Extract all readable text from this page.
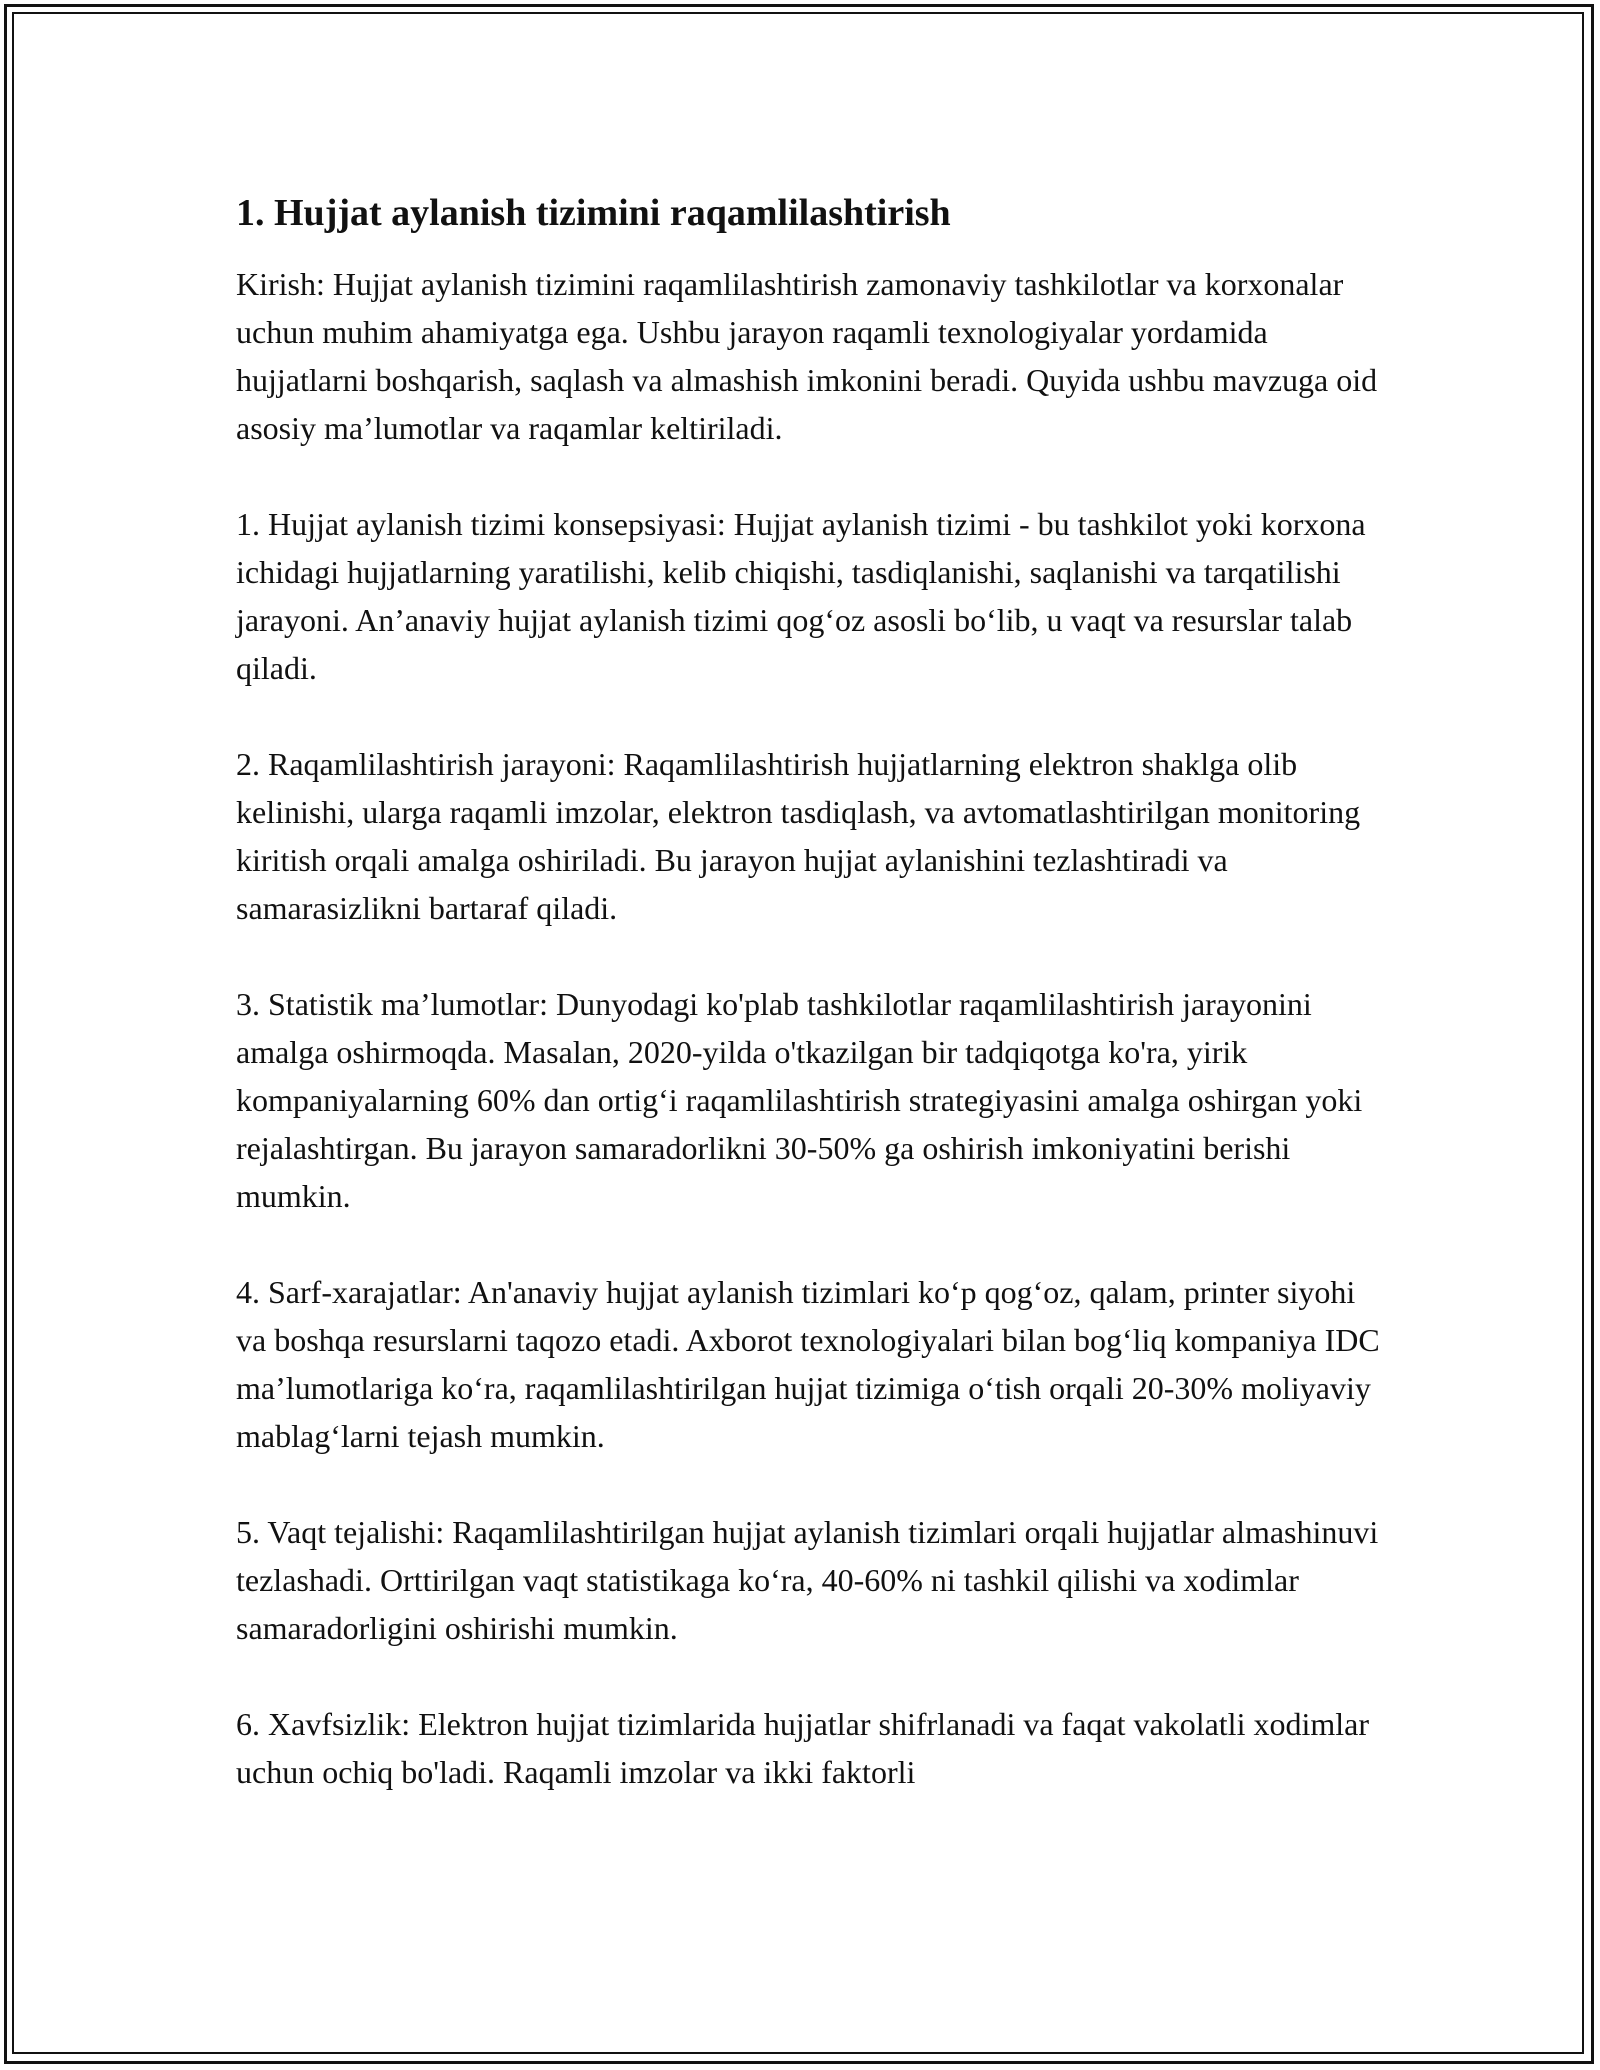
1. Hujjat aylanish tizimini raqamlilashtirish

Kirish: Hujjat aylanish tizimini raqamlilashtirish zamonaviy tashkilotlar va korxonalar uchun muhim ahamiyatga ega. Ushbu jarayon raqamli texnologiyalar yordamida hujjatlarni boshqarish, saqlash va almashish imkonini beradi. Quyida ushbu mavzuga oid asosiy ma’lumotlar va raqamlar keltiriladi.

1. Hujjat aylanish tizimi konsepsiyasi: Hujjat aylanish tizimi - bu tashkilot yoki korxona ichidagi hujjatlarning yaratilishi, kelib chiqishi, tasdiqlanishi, saqlanishi va tarqatilishi jarayoni. An’anaviy hujjat aylanish tizimi qog‘oz asosli bo‘lib, u vaqt va resurslar talab qiladi.

2. Raqamlilashtirish jarayoni: Raqamlilashtirish hujjatlarning elektron shaklga olib kelinishi, ularga raqamli imzolar, elektron tasdiqlash, va avtomatlashtirilgan monitoring kiritish orqali amalga oshiriladi. Bu jarayon hujjat aylanishini tezlashtiradi va samarasizlikni bartaraf qiladi.

3. Statistik ma’lumotlar: Dunyodagi ko'plab tashkilotlar raqamlilashtirish jarayonini amalga oshirmoqda. Masalan, 2020-yilda o'tkazilgan bir tadqiqotga ko'ra, yirik kompaniyalarning 60% dan ortig‘i raqamlilashtirish strategiyasini amalga oshirgan yoki rejalashtirgan. Bu jarayon samaradorlikni 30-50% ga oshirish imkoniyatini berishi mumkin.

4. Sarf-xarajatlar: An'anaviy hujjat aylanish tizimlari ko‘p qog‘oz, qalam, printer siyohi va boshqa resurslarni taqozo etadi. Axborot texnologiyalari bilan bog‘liq kompaniya IDC ma’lumotlariga ko‘ra, raqamlilashtirilgan hujjat tizimiga o‘tish orqali 20-30% moliyaviy mablag‘larni tejash mumkin.

5. Vaqt tejalishi: Raqamlilashtirilgan hujjat aylanish tizimlari orqali hujjatlar almashinuvi tezlashadi. Orttirilgan vaqt statistikaga ko‘ra, 40-60% ni tashkil qilishi va xodimlar samaradorligini oshirishi mumkin.

6. Xavfsizlik: Elektron hujjat tizimlarida hujjatlar shifrlanadi va faqat vakolatli xodimlar uchun ochiq bo'ladi. Raqamli imzolar va ikki faktorli
